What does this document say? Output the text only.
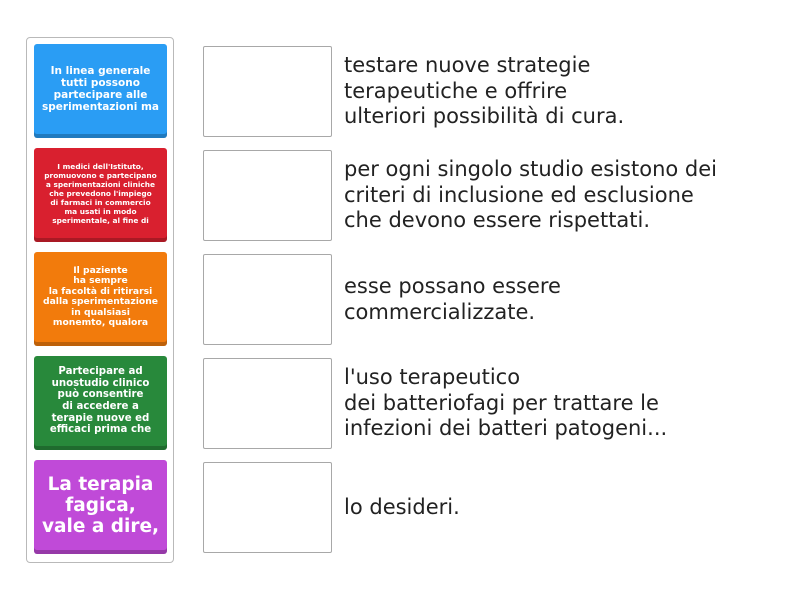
In linea generale
tutti possono
partecipare alle
sperimentazioni ma
I medici dell'Istituto,
promuovono e partecipano
a sperimentazioni cliniche
che prevedono l'impiego
di farmaci in commercio
ma usati in modo
sperimentale, al fine di
Il paziente
ha sempre
la facoltà di ritirarsi
dalla sperimentazione
in qualsiasi
monemto, qualora
Partecipare ad
unostudio clinico
può consentire
di accedere a
terapie nuove ed
efficaci prima che
La terapia
fagica,
vale a dire,
testare nuove strategie
terapeutiche e offrire
ulteriori possibilità di cura.
per ogni singolo studio esistono dei
criteri di inclusione ed esclusione
che devono essere rispettati.
esse possano essere
commercializzate.
l'uso terapeutico
dei batteriofagi per trattare le
infezioni dei batteri patogeni...
lo desideri.
